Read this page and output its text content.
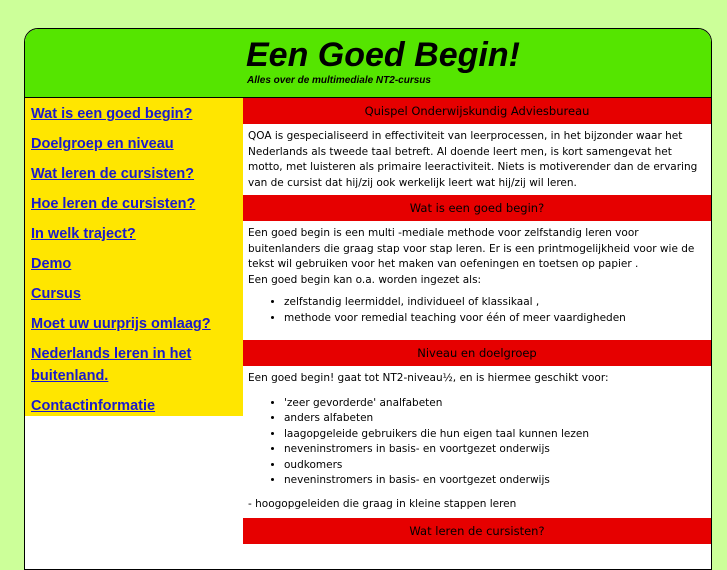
Een Goed Begin!

Alles over de multimediale NT2-cursus

Wat is een goed begin?
Doelgroep en niveau
Wat leren de cursisten?
Hoe leren de cursisten?
In welk traject?
Demo
Cursus
Moet uw uurprijs omlaag?
Nederlands leren in het buitenland.
Contactinformatie
Quispel Onderwijskundig Adviesbureau

QOA is gespecialiseerd in effectiviteit van leerprocessen, in het bijzonder waar het Nederlands als tweede taal betreft. Al doende leert men, is kort samengevat het motto, met luisteren als primaire leeractiviteit. Niets is motiverender dan de ervaring van de cursist dat hij/zij ook werkelijk leert wat hij/zij wil leren.

Wat is een goed begin?

Een goed begin is een multi -mediale methode voor zelfstandig leren voor buitenlanders die graag stap voor stap leren. Er is een printmogelijkheid voor wie de tekst wil gebruiken voor het maken van oefeningen en toetsen op papier .

Een goed begin kan o.a. worden ingezet als:

• zelfstandig leermiddel, individueel of klassikaal ,
• methode voor remedial teaching voor één of meer vaardigheden
Niveau en doelgroep

Een goed begin! gaat tot NT2-niveau½, en is hiermee geschikt voor:

• 'zeer gevorderde' analfabeten
• anders alfabeten
• laagopgeleide gebruikers die hun eigen taal kunnen lezen
• neveninstromers in basis- en voortgezet onderwijs
• oudkomers
• neveninstromers in basis- en voortgezet onderwijs

- hoogopgeleiden die graag in kleine stappen leren

Wat leren de cursisten?
